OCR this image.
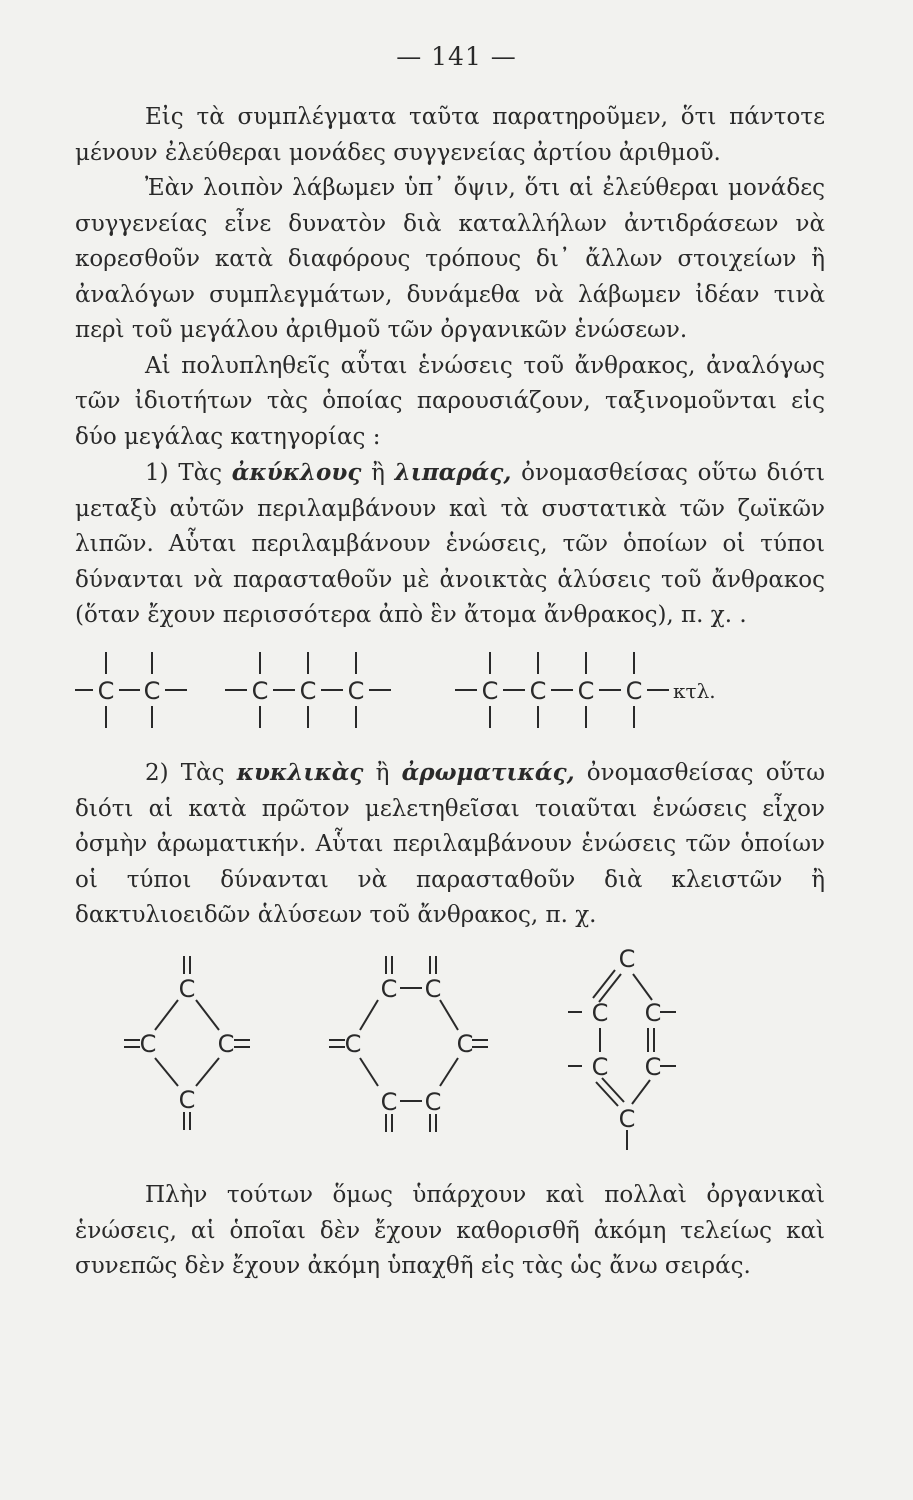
— 141 —

Εἰς τὰ συμπλέγματα ταῦτα παρατηροῦμεν, ὅτι πάντοτε μένουν ἐλεύθεραι μονάδες συγγενείας ἀρτίου ἀριθμοῦ.

Ἐὰν λοιπὸν λάβωμεν ὑπ᾽ ὄψιν, ὅτι αἱ ἐλεύθεραι μονάδες συγγενείας εἶνε δυνατὸν διὰ καταλλήλων ἀντιδράσεων νὰ κορεσθοῦν κατὰ διαφόρους τρόπους δι᾽ ἄλλων στοιχείων ἢ ἀναλόγων συμπλεγμάτων, δυνάμεθα νὰ λάβωμεν ἰδέαν τινὰ περὶ τοῦ μεγάλου ἀριθμοῦ τῶν ὀργανικῶν ἑνώσεων.

Αἱ πολυπληθεῖς αὗται ἑνώσεις τοῦ ἄνθρακος, ἀναλόγως τῶν ἰδιοτήτων τὰς ὁποίας παρουσιάζουν, ταξινομοῦνται εἰς δύο μεγάλας κατηγορίας :

1) Τὰς ἀκύκλους ἢ λιπαράς, ὀνομασθείσας οὕτω διότι μεταξὺ αὐτῶν περιλαμβάνουν καὶ τὰ συστατικὰ τῶν ζωϊκῶν λιπῶν. Αὗται περιλαμβάνουν ἑνώσεις, τῶν ὁποίων οἱ τύποι δύνανται νὰ παρασταθοῦν μὲ ἀνοικτὰς ἁλύσεις τοῦ ἄνθρακος (ὅταν ἔχουν περισσότερα ἀπὸ ἓν ἄτομα ἄνθρακος), π. χ. .

C C	C C C	C C C C κτλ.

2) Τὰς κυκλικὰς ἢ ἀρωματικάς, ὀνομασθείσας οὕτω διότι αἱ κατὰ πρῶτον μελετηθεῖσαι τοιαῦται ἑνώσεις εἶχον ὀσμὴν ἀρωματικήν. Αὗται περιλαμβάνουν ἑνώσεις τῶν ὁποίων οἱ τύποι δύνανται νὰ παρασταθοῦν διὰ κλειστῶν ἢ δακτυλιοειδῶν ἁλύσεων τοῦ ἄνθρακος, π. χ.

C
C	C
C
C C
C	C
C C
C
C C
C C
C

Πλὴν τούτων ὅμως ὑπάρχουν καὶ πολλαὶ ὀργανικαὶ ἑνώσεις, αἱ ὁποῖαι δὲν ἔχουν καθορισθῆ ἀκόμη τελείως καὶ συνεπῶς δὲν ἔχουν ἀκόμη ὑπαχθῆ εἰς τὰς ὡς ἄνω σειράς.
